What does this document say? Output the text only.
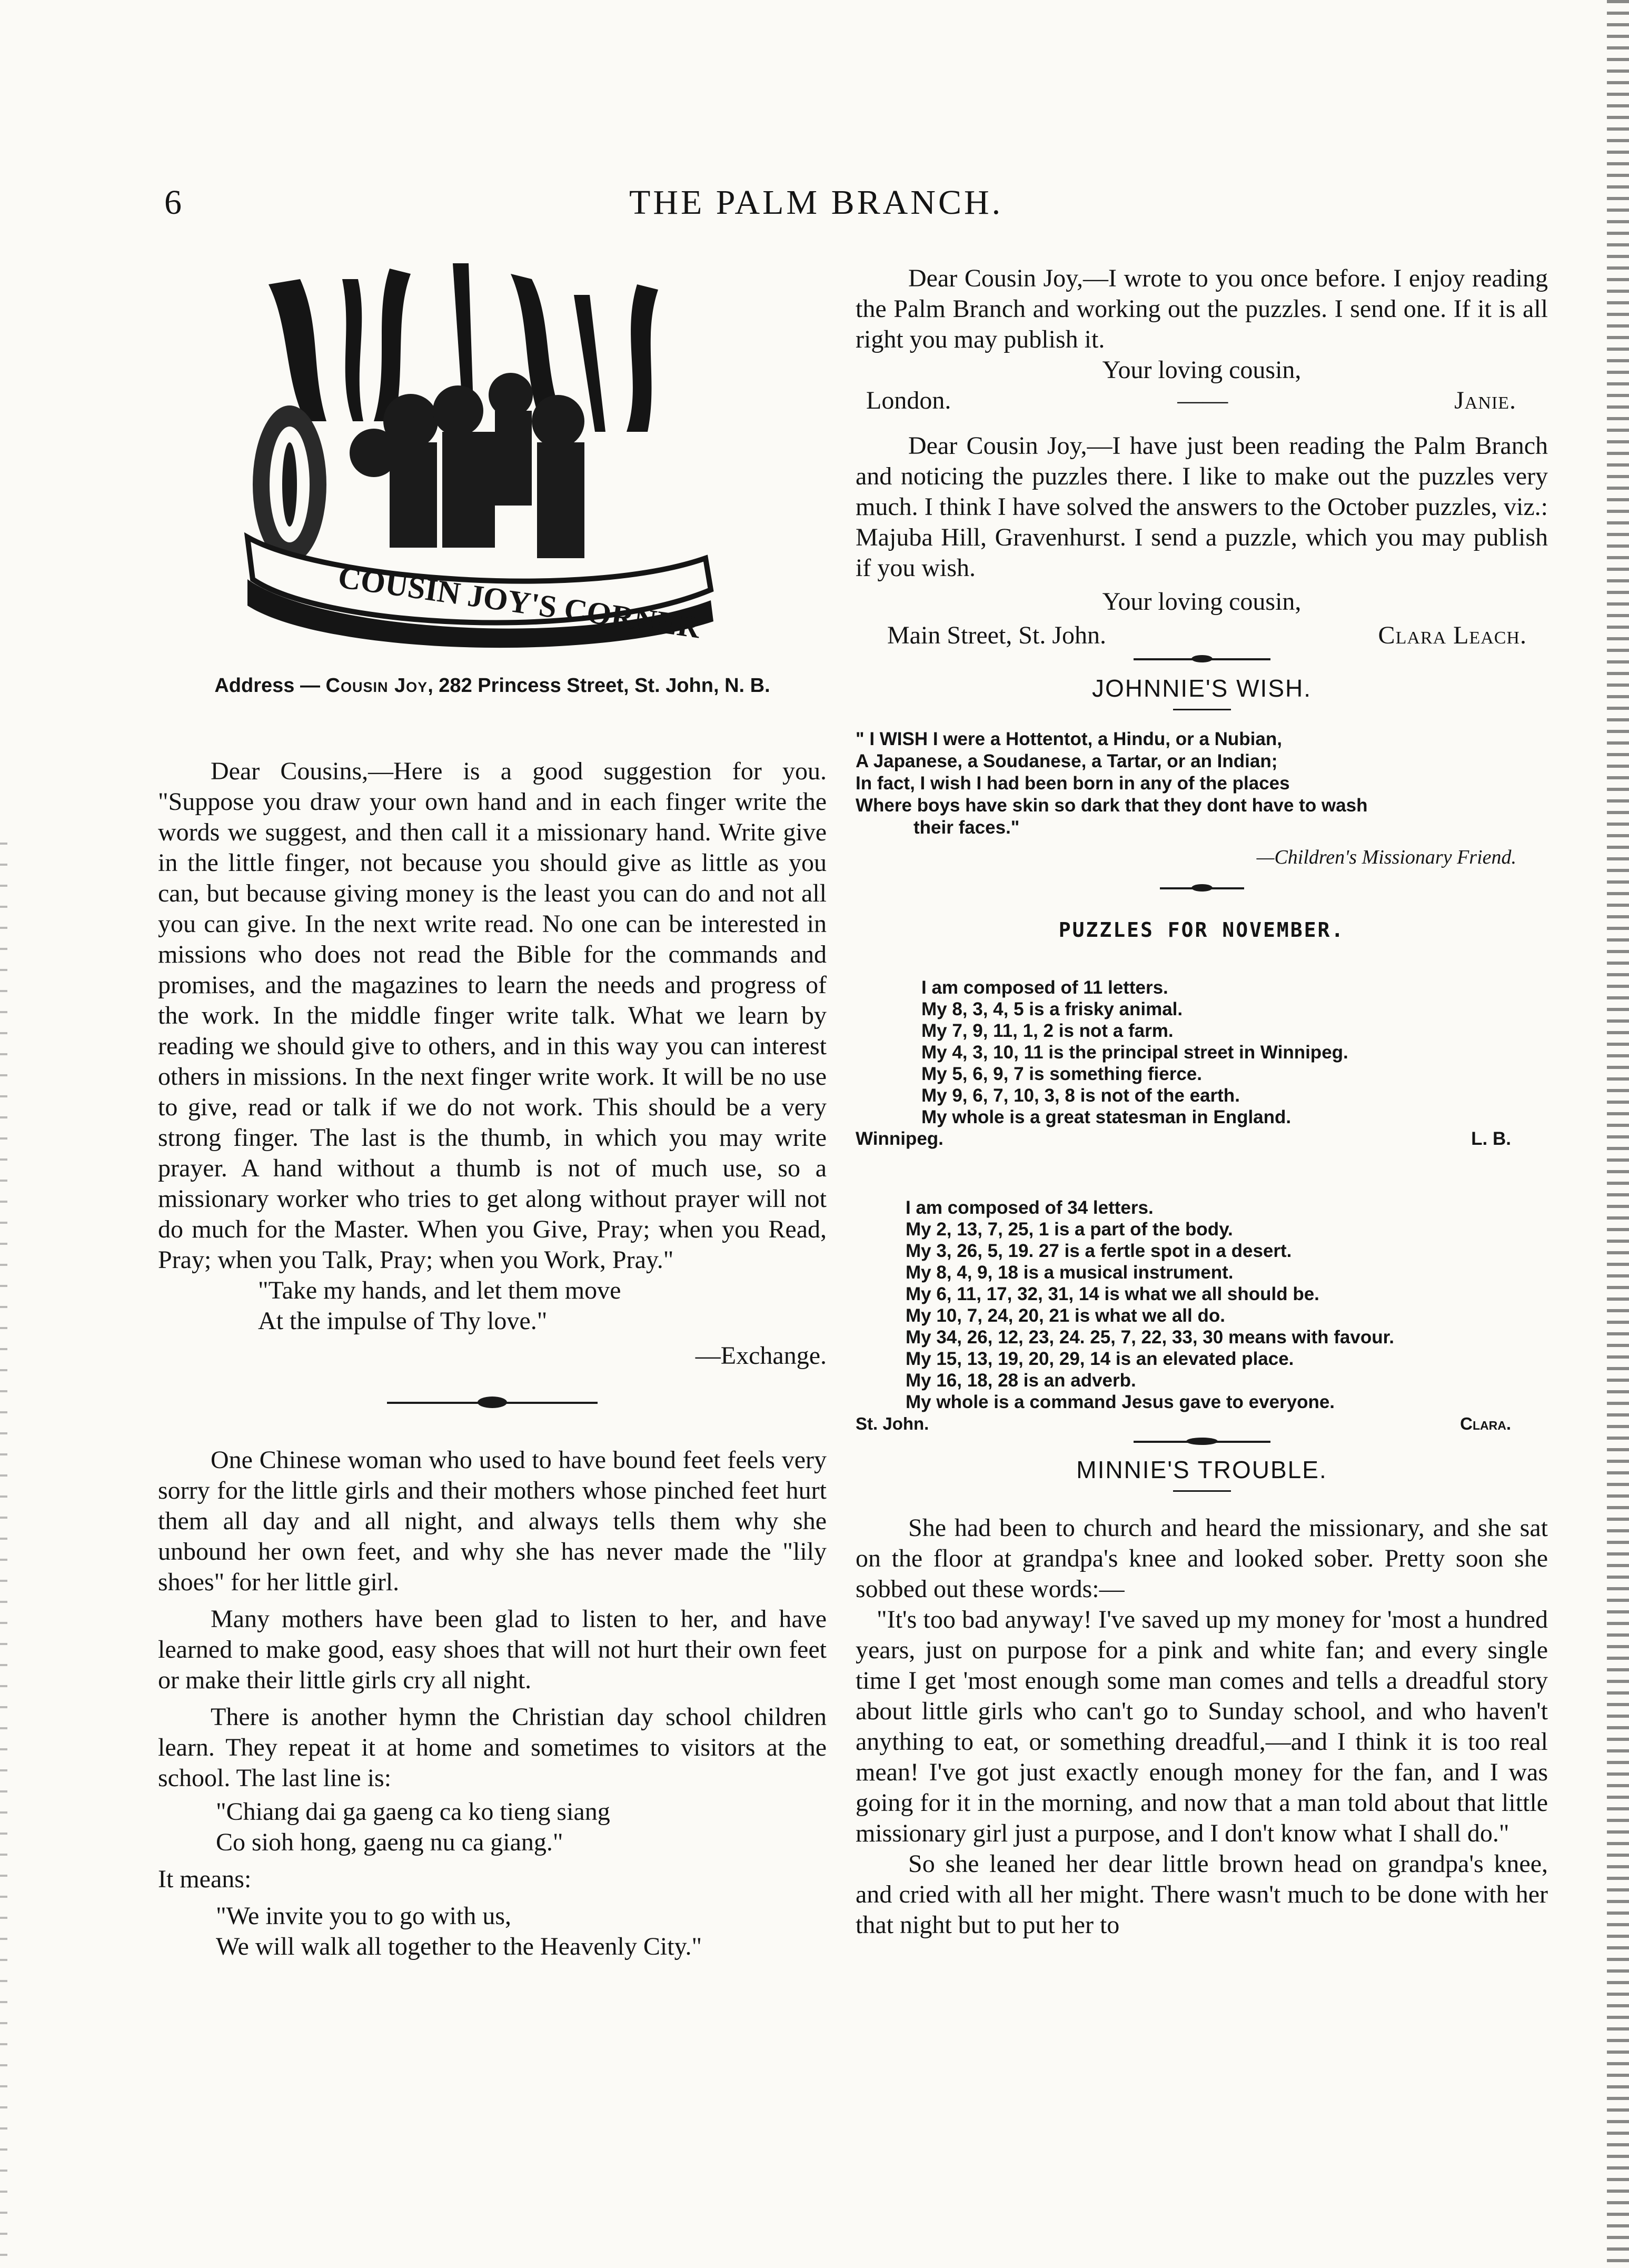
6	THE PALM BRANCH.
COUSIN JOY'S CORNER
Address — Cousin Joy, 282 Princess Street, St. John, N. B.

Dear Cousins,—Here is a good suggestion for you. "Suppose you draw your own hand and in each finger write the words we suggest, and then call it a missionary hand. Write give in the little finger, not because you should give as little as you can, but because giving money is the least you can do and not all you can give. In the next write read. No one can be interested in missions who does not read the Bible for the commands and promises, and the magazines to learn the needs and progress of the work. In the middle finger write talk. What we learn by reading we should give to others, and in this way you can interest others in missions. In the next finger write work. It will be no use to give, read or talk if we do not work. This should be a very strong finger. The last is the thumb, in which you may write prayer. A hand without a thumb is not of much use, so a missionary worker who tries to get along without prayer will not do much for the Master. When you Give, Pray; when you Read, Pray; when you Talk, Pray; when you Work, Pray."

"Take my hands, and let them move
At the impulse of Thy love."
—Exchange.

One Chinese woman who used to have bound feet feels very sorry for the little girls and their mothers whose pinched feet hurt them all day and all night, and always tells them why she unbound her own feet, and why she has never made the "lily shoes" for her little girl.

Many mothers have been glad to listen to her, and have learned to make good, easy shoes that will not hurt their own feet or make their little girls cry all night.

There is another hymn the Christian day school children learn. They repeat it at home and sometimes to visitors at the school. The last line is:

"Chiang dai ga gaeng ca ko tieng siang
Co sioh hong, gaeng nu ca giang."
It means:
"We invite you to go with us,
We will walk all together to the Heavenly City."

Dear Cousin Joy,—I wrote to you once before. I enjoy reading the Palm Branch and working out the puzzles. I send one. If it is all right you may publish it.

Your loving cousin,
London.	——	Janie.

Dear Cousin Joy,—I have just been reading the Palm Branch and noticing the puzzles there. I like to make out the puzzles very much. I think I have solved the answers to the October puzzles, viz.: Majuba Hill, Gravenhurst. I send a puzzle, which you may publish if you wish.

Your loving cousin,
Main Street, St. John.	Clara Leach.
JOHNNIE'S WISH.
" I WISH I were a Hottentot, a Hindu, or a Nubian,
A Japanese, a Soudanese, a Tartar, or an Indian;
In fact, I wish I had been born in any of the places
Where boys have skin so dark that they dont have to wash
their faces."
—Children's Missionary Friend.
PUZZLES FOR NOVEMBER.
I am composed of 11 letters.
My 8, 3, 4, 5 is a frisky animal.
My 7, 9, 11, 1, 2 is not a farm.
My 4, 3, 10, 11 is the principal street in Winnipeg.
My 5, 6, 9, 7 is something fierce.
My 9, 6, 7, 10, 3, 8 is not of the earth.
My whole is a great statesman in England.
Winnipeg.	L. B.
I am composed of 34 letters.
My 2, 13, 7, 25, 1 is a part of the body.
My 3, 26, 5, 19. 27 is a fertle spot in a desert.
My 8, 4, 9, 18 is a musical instrument.
My 6, 11, 17, 32, 31, 14 is what we all should be.
My 10, 7, 24, 20, 21 is what we all do.
My 34, 26, 12, 23, 24. 25, 7, 22, 33, 30 means with favour.
My 15, 13, 19, 20, 29, 14 is an elevated place.
My 16, 18, 28 is an adverb.
My whole is a command Jesus gave to everyone.
St. John.	Clara.
MINNIE'S TROUBLE.

She had been to church and heard the missionary, and she sat on the floor at grandpa's knee and looked sober. Pretty soon she sobbed out these words:—

"It's too bad anyway! I've saved up my money for 'most a hundred years, just on purpose for a pink and white fan; and every single time I get 'most enough some man comes and tells a dreadful story about little girls who can't go to Sunday school, and who haven't anything to eat, or something dreadful,—and I think it is too real mean! I've got just exactly enough money for the fan, and I was going for it in the morning, and now that a man told about that little missionary girl just a purpose, and I don't know what I shall do."

So she leaned her dear little brown head on grandpa's knee, and cried with all her might. There wasn't much to be done with her that night but to put her to
